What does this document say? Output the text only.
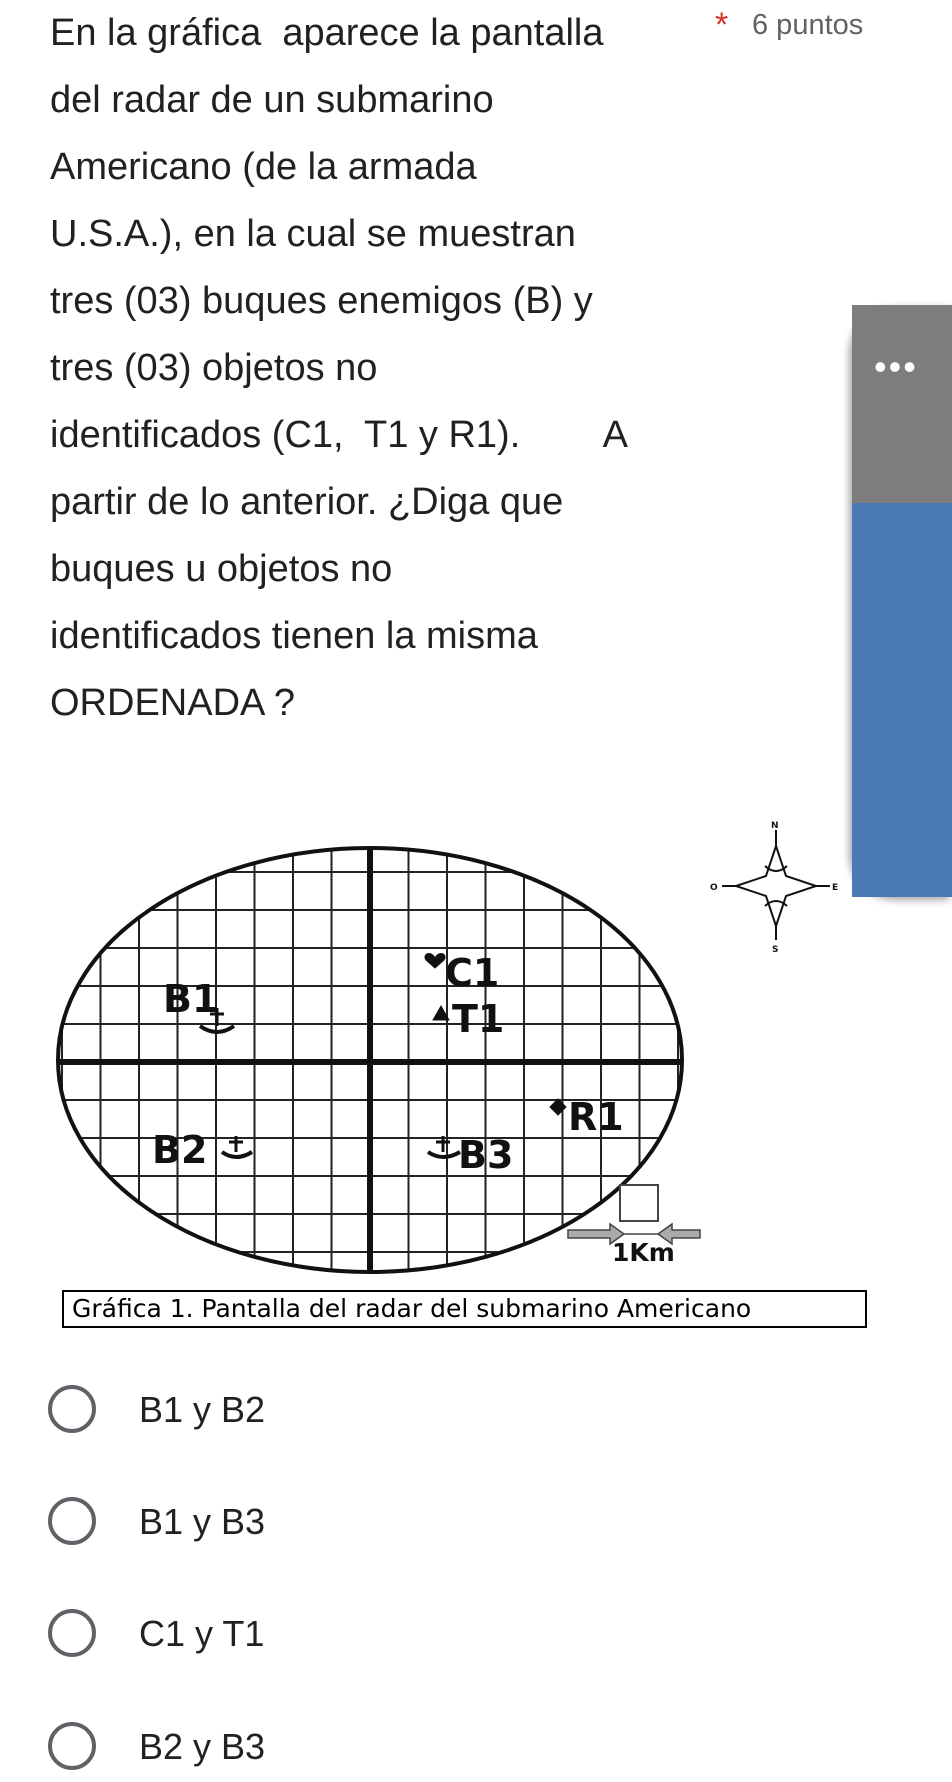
En la gráfica  aparece la pantalla
del radar de un submarino
Americano (de la armada
U.S.A.), en la cual se muestran
tres (03) buques enemigos (B) y
tres (03) objetos no
identificados (C1,  T1 y R1).        A
partir de lo anterior. ¿Diga que
buques u objetos no
identificados tienen la misma
ORDENADA ?
* 6 puntos
•••
♪))
B1
B2	B3
C1
T1
R1
1Km
N
E
S
O
Gráfica 1. Pantalla del radar del submarino Americano
B1 y B2
B1 y B3
C1 y T1
B2 y B3
